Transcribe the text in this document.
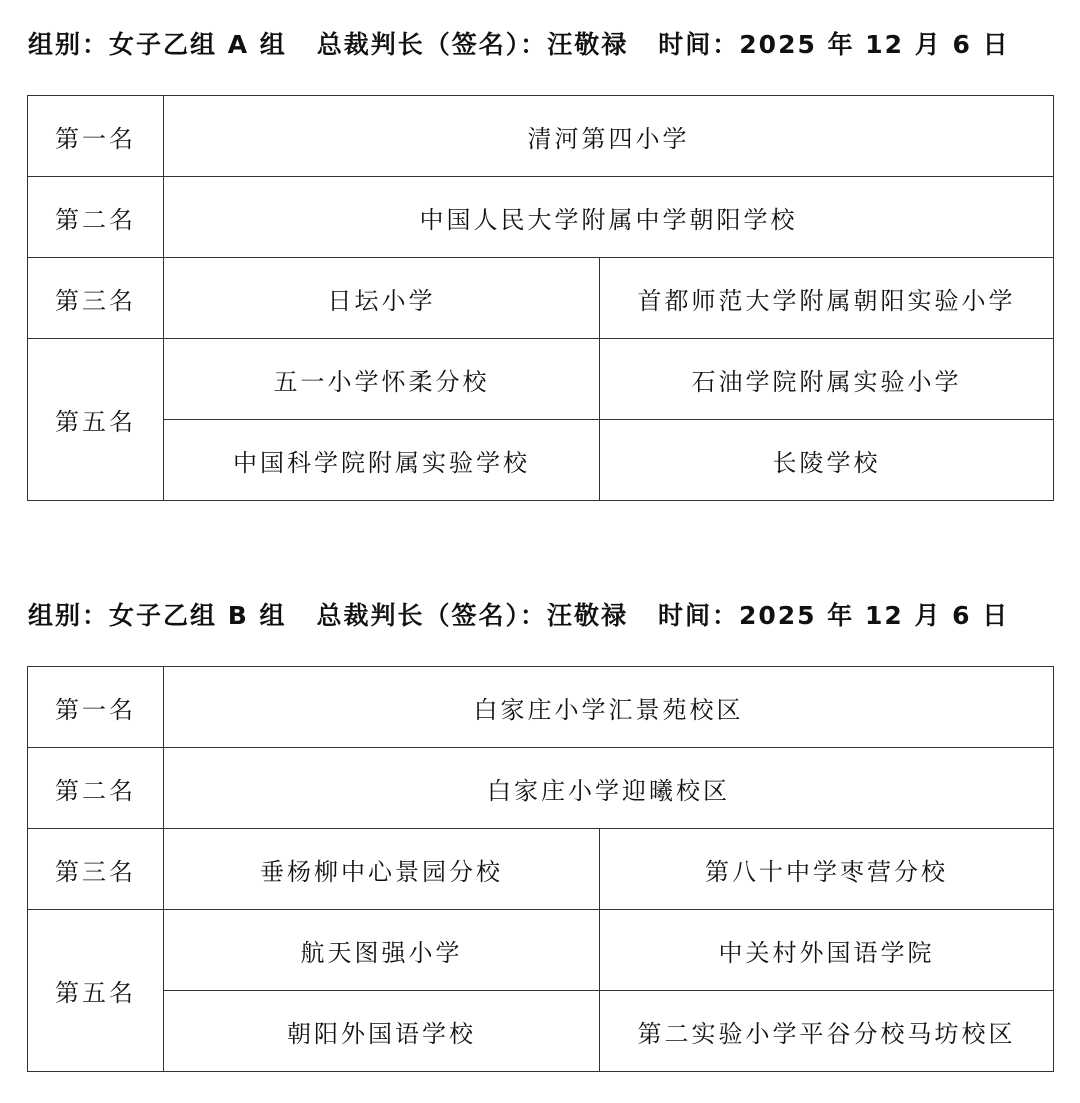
组别：女子乙组 A 组 总裁判长（签名）：汪敬禄 时间：2025 年 12 月 6 日
第一名	清河第四小学	
第二名	中国人民大学附属中学朝阳学校	
第三名	日坛小学	首都师范大学附属朝阳实验小学
第五名	五一小学怀柔分校	石油学院附属实验小学
	中国科学院附属实验学校	长陵学校
组别：女子乙组 B 组 总裁判长（签名）：汪敬禄 时间：2025 年 12 月 6 日
第一名	白家庄小学汇景苑校区	
第二名	白家庄小学迎曦校区	
第三名	垂杨柳中心景园分校	第八十中学枣营分校
第五名	航天图强小学	中关村外国语学院
	朝阳外国语学校	第二实验小学平谷分校马坊校区
